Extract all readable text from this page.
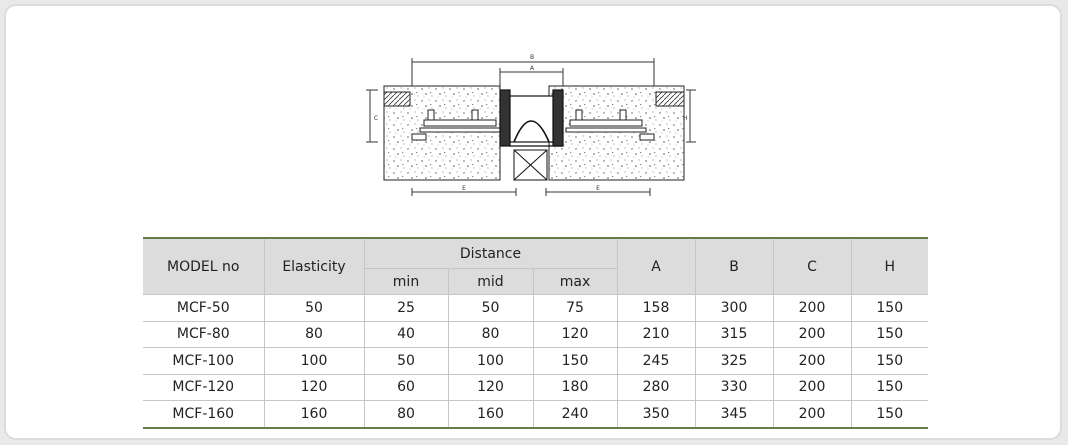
B
A
C	H
E	E
MODEL no	Elasticity	Distance			A	B	C	H
		min	mid	max				
MCF-50	50	25	50	75	158	300	200	150
MCF-80	80	40	80	120	210	315	200	150
MCF-100	100	50	100	150	245	325	200	150
MCF-120	120	60	120	180	280	330	200	150
MCF-160	160	80	160	240	350	345	200	150
